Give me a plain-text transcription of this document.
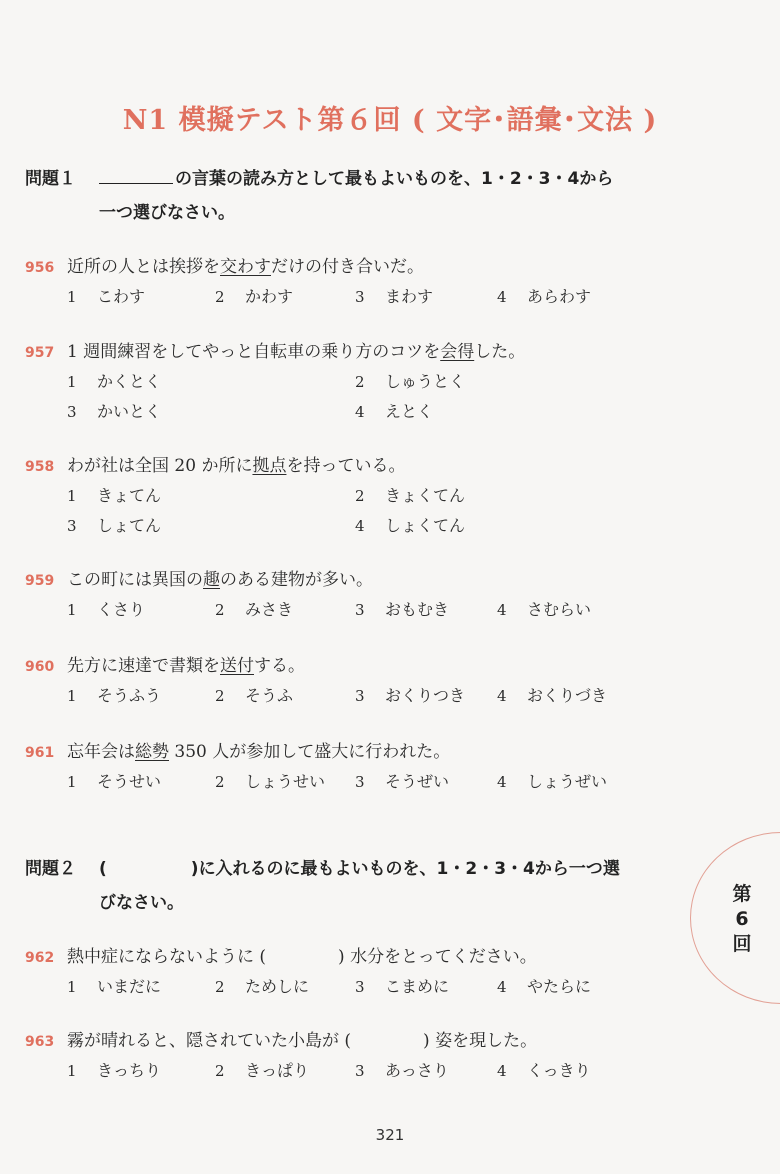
N1 模擬テスト第６回 ( 文字･語彙･文法 )
問題１	の言葉の読み方として最もよいものを、1・2・3・4から
一つ選びなさい。
956 近所の人とは挨拶を交わすだけの付き合いだ。
1 こわす	2 かわす	3 まわす	4 あらわす
957 1 週間練習をしてやっと自転車の乗り方のコツを会得した。
1 かくとく	2 しゅうとく
3 かいとく	4 えとく
958 わが社は全国 20 か所に拠点を持っている。
1 きょてん	2 きょくてん
3 しょてん	4 しょくてん
959 この町には異国の趣のある建物が多い。
1 くさり	2 みさき	3 おもむき	4 さむらい
960 先方に速達で書類を送付する。
1 そうふう	2 そうふ	3 おくりつき 4 おくりづき
961 忘年会は総勢 350 人が参加して盛大に行われた。
1 そうせい	2 しょうせい 3 そうぜい	4 しょうぜい
問題２ (	)に入れるのに最もよいものを、1・2・3・4から一つ選
びなさい。
962 熱中症にならないように (	) 水分をとってください。
1 いまだに	2 ためしに	3 こまめに	4 やたらに
963 霧が晴れると、隠されていた小島が (	) 姿を現した。
1 きっちり	2 きっぱり	3 あっさり	4 くっきり
第
6
回
321
